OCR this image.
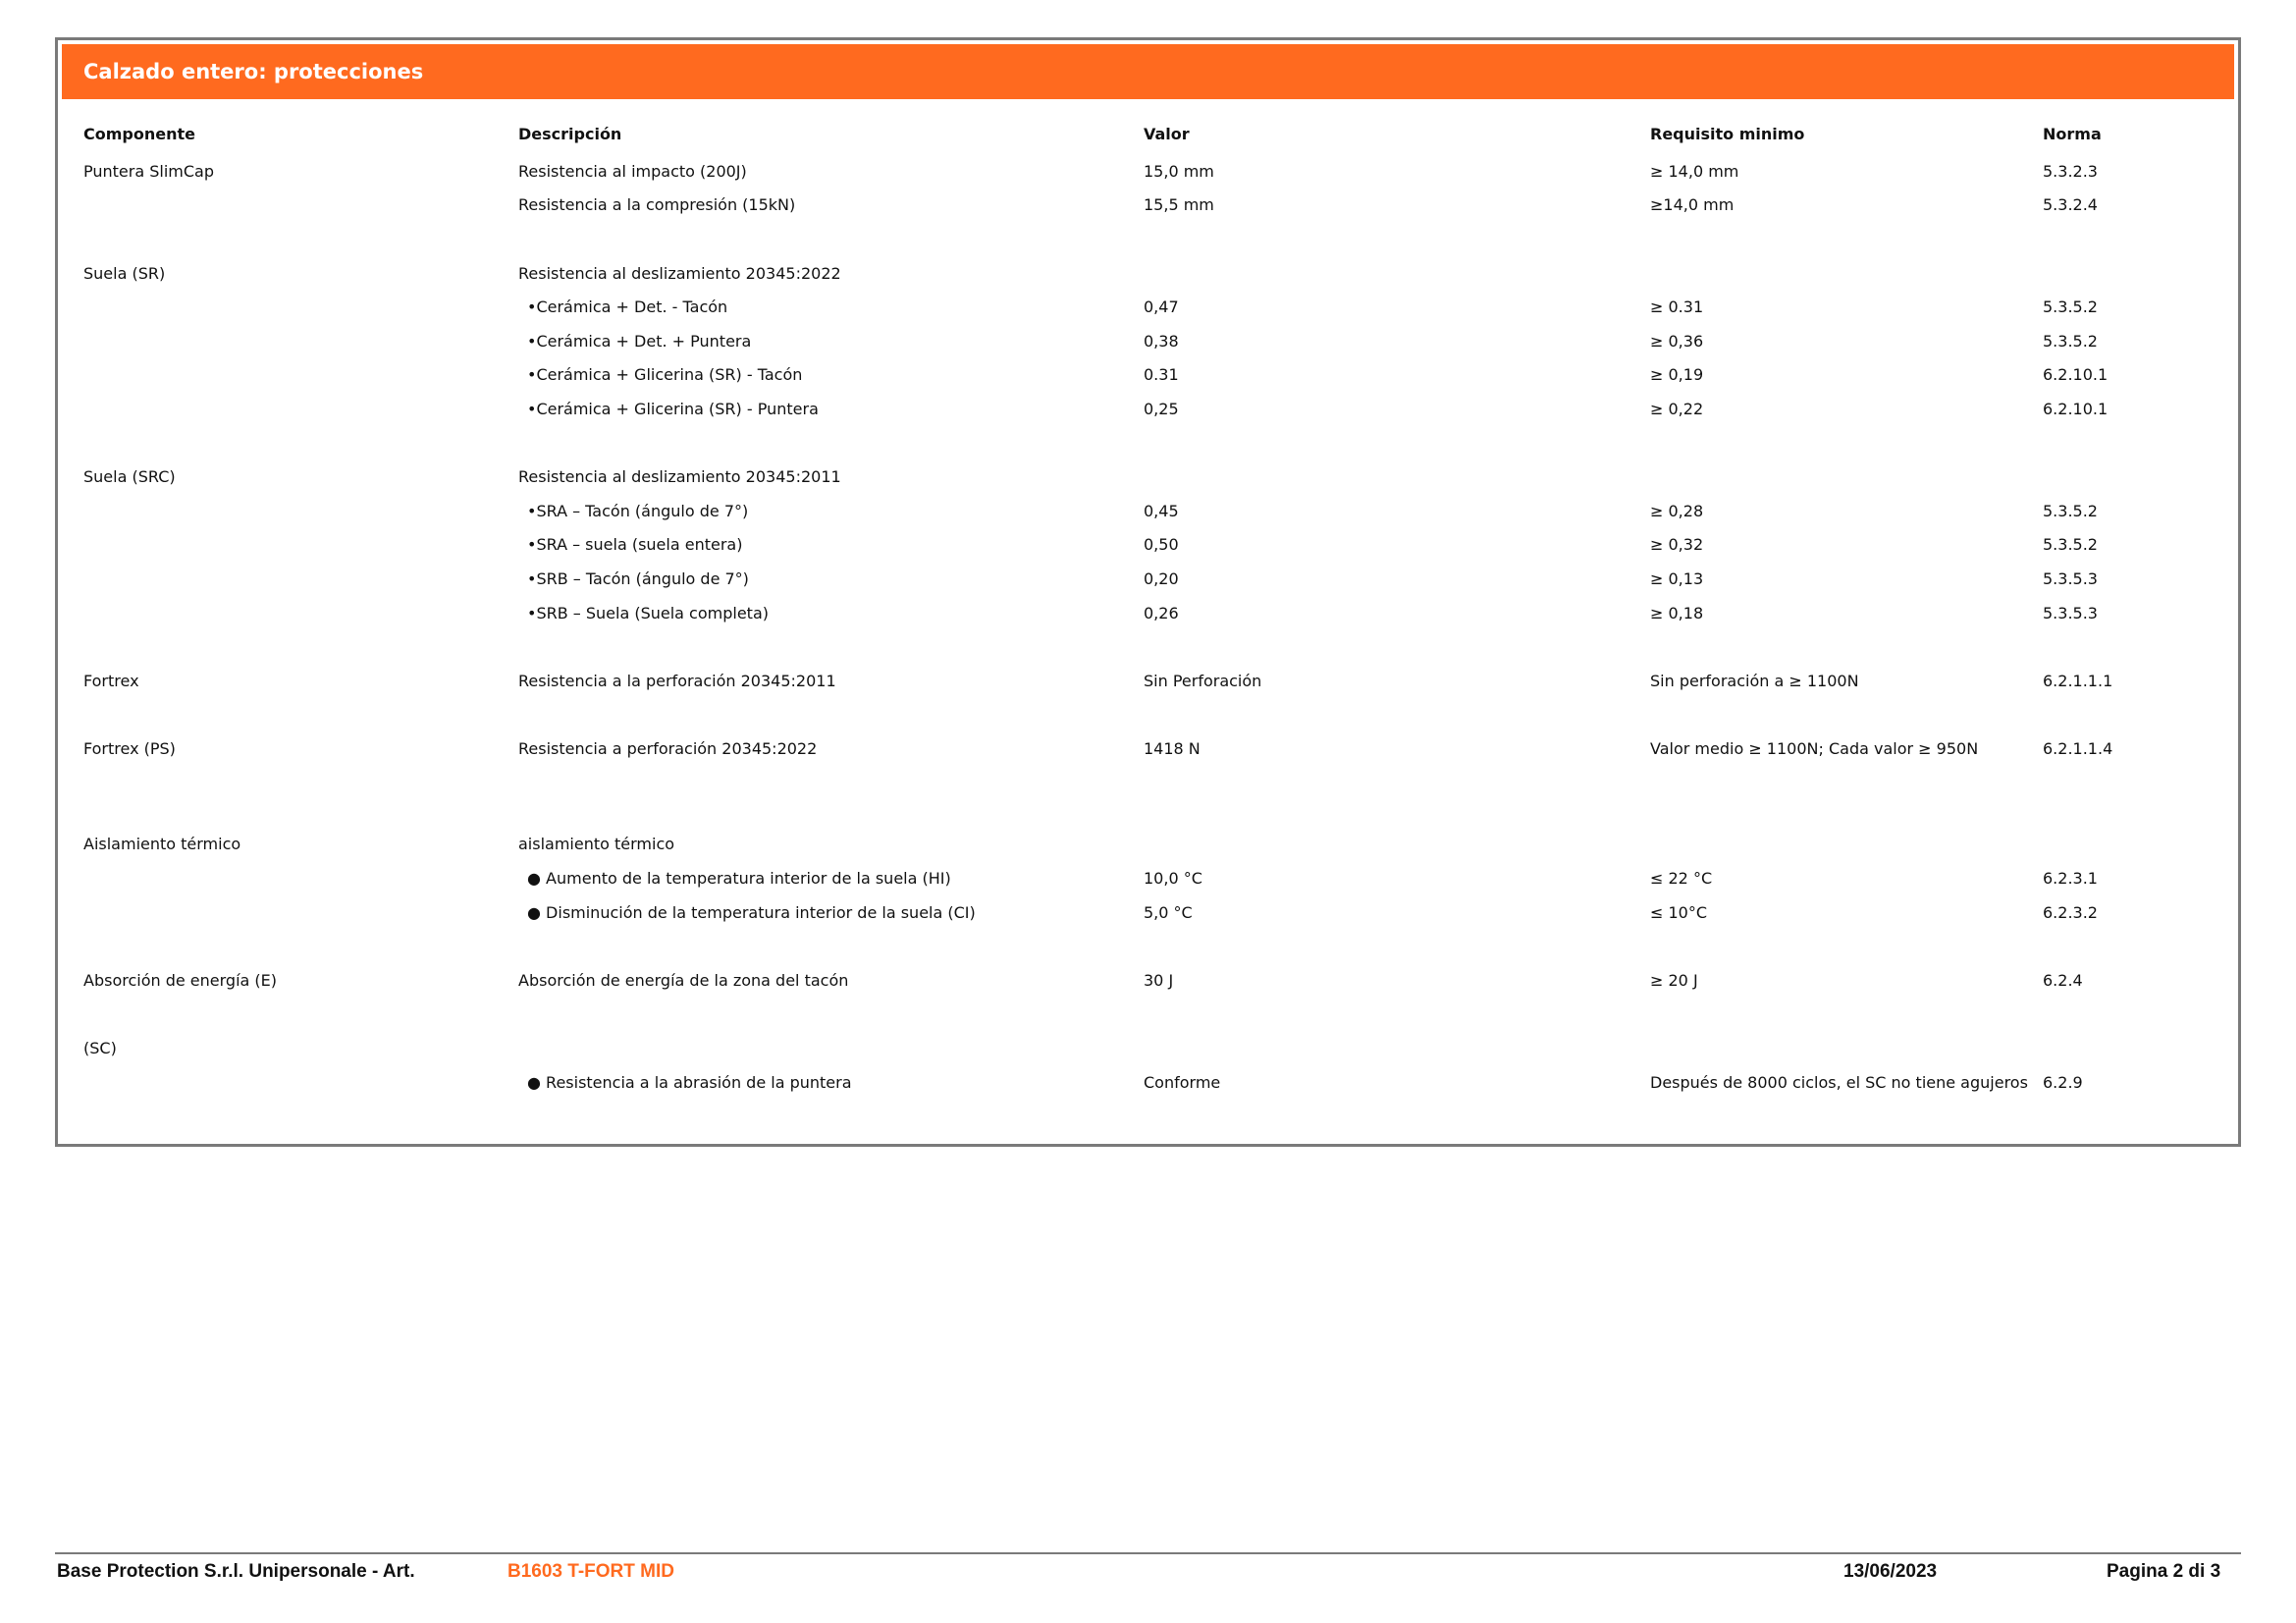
Calzado entero: protecciones
Componente	Descripción	Valor	Requisito minimo	Norma
Puntera SlimCap	Resistencia al impacto (200J)	15,0 mm	≥ 14,0 mm	5.3.2.3
	Resistencia a la compresión (15kN)	15,5 mm	≥14,0 mm	5.3.2.4

Suela (SR)	Resistencia al deslizamiento 20345:2022			
	•Cerámica + Det. - Tacón	0,47	≥ 0.31	5.3.5.2
	•Cerámica + Det. + Puntera	0,38	≥ 0,36	5.3.5.2
	•Cerámica + Glicerina (SR) - Tacón	0.31	≥ 0,19	6.2.10.1
	•Cerámica + Glicerina (SR) - Puntera	0,25	≥ 0,22	6.2.10.1

Suela (SRC)	Resistencia al deslizamiento 20345:2011			
	•SRA – Tacón (ángulo de 7°)	0,45	≥ 0,28	5.3.5.2
	•SRA – suela (suela entera)	0,50	≥ 0,32	5.3.5.2
	•SRB – Tacón (ángulo de 7°)	0,20	≥ 0,13	5.3.5.3
	•SRB – Suela (Suela completa)	0,26	≥ 0,18	5.3.5.3

Fortrex	Resistencia a la perforación 20345:2011	Sin Perforación	Sin perforación a ≥ 1100N	6.2.1.1.1

Fortrex (PS)	Resistencia a perforación 20345:2022	1418 N	Valor medio ≥ 1100N; Cada valor ≥ 950N	6.2.1.1.4

Aislamiento térmico	aislamiento térmico			
	● Aumento de la temperatura interior de la suela (HI)	10,0 °C	≤ 22 °C	6.2.3.1
	● Disminución de la temperatura interior de la suela (CI)	5,0 °C	≤ 10°C	6.2.3.2

Absorción de energía (E)	Absorción de energía de la zona del tacón	30 J	≥ 20 J	6.2.4

(SC)				
	● Resistencia a la abrasión de la puntera	Conforme	Después de 8000 ciclos, el SC no tiene agujeros	6.2.9
Base Protection S.r.l. Unipersonale - Art.	B1603 T-FORT MID	13/06/2023	Pagina 2 di 3
